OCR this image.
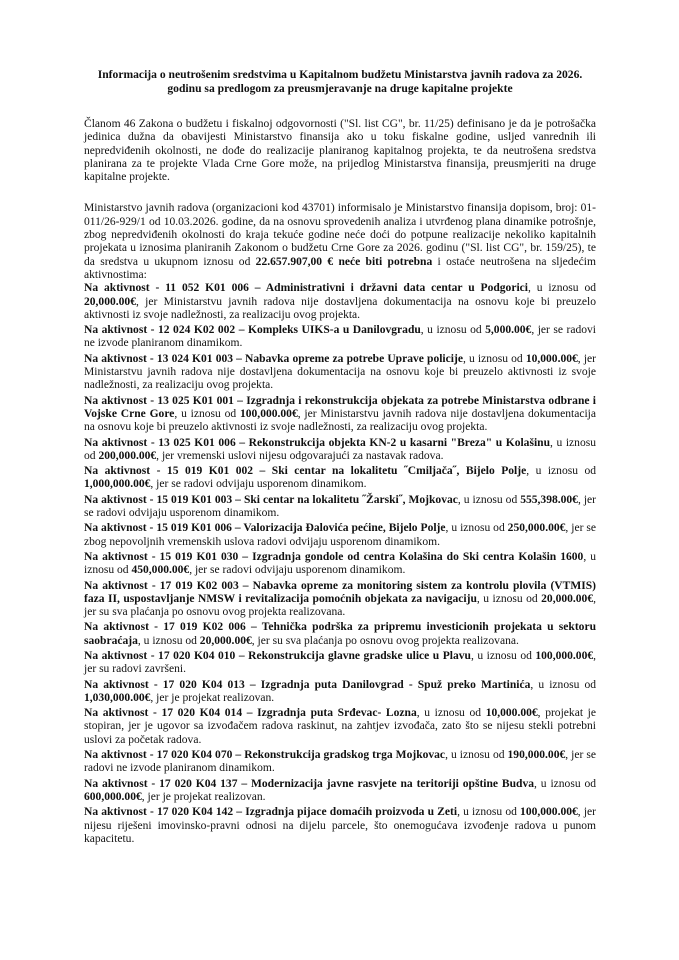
Informacija o neutrošenim sredstvima u Kapitalnom budžetu Ministarstva javnih radova za 2026. godinu sa predlogom za preusmjeravanje na druge kapitalne projekte

Članom 46 Zakona o budžetu i fiskalnoj odgovornosti ("Sl. list CG", br. 11/25) definisano je da je potrošačka jedinica dužna da obavijesti Ministarstvo finansija ako u toku fiskalne godine, usljed vanrednih ili nepredviđenih okolnosti, ne dođe do realizacije planiranog kapitalnog projekta, te da neutrošena sredstva planirana za te projekte Vlada Crne Gore može, na prijedlog Ministarstva finansija, preusmjeriti na druge kapitalne projekte.

Ministarstvo javnih radova (organizacioni kod 43701) informisalo je Ministarstvo finansija dopisom, broj: 01-011/26-929/1 od 10.03.2026. godine, da na osnovu sprovedenih analiza i utvrđenog plana dinamike potrošnje, zbog nepredviđenih okolnosti do kraja tekuće godine neće doći do potpune realizacije nekoliko kapitalnih projekata u iznosima planiranih Zakonom o budžetu Crne Gore za 2026. godinu ("Sl. list CG", br. 159/25), te da sredstva u ukupnom iznosu od 22.657.907,00 € neće biti potrebna i ostaće neutrošena na sljedećim aktivnostima:

Na aktivnost - 11 052 K01 006 – Administrativni i državni data centar u Podgorici, u iznosu od 20,000.00€, jer Ministarstvu javnih radova nije dostavljena dokumentacija na osnovu koje bi preuzelo aktivnosti iz svoje nadležnosti, za realizaciju ovog projekta.

Na aktivnost - 12 024 K02 002 – Kompleks UIKS-a u Danilovgradu, u iznosu od 5,000.00€, jer se radovi ne izvode planiranom dinamikom.

Na aktivnost - 13 024 K01 003 – Nabavka opreme za potrebe Uprave policije, u iznosu od 10,000.00€, jer Ministarstvu javnih radova nije dostavljena dokumentacija na osnovu koje bi preuzelo aktivnosti iz svoje nadležnosti, za realizaciju ovog projekta.

Na aktivnost - 13 025 K01 001 – Izgradnja i rekonstrukcija objekata za potrebe Ministarstva odbrane i Vojske Crne Gore, u iznosu od 100,000.00€, jer Ministarstvu javnih radova nije dostavljena dokumentacija na osnovu koje bi preuzelo aktivnosti iz svoje nadležnosti, za realizaciju ovog projekta.

Na aktivnost - 13 025 K01 006 – Rekonstrukcija objekta KN-2 u kasarni "Breza" u Kolašinu, u iznosu od 200,000.00€, jer vremenski uslovi nijesu odgovarajući za nastavak radova.

Na aktivnost - 15 019 K01 002 – Ski centar na lokalitetu ˝Cmiljača˝, Bijelo Polje, u iznosu od 1,000,000.00€, jer se radovi odvijaju usporenom dinamikom.

Na aktivnost - 15 019 K01 003 – Ski centar na lokalitetu ˝Žarski˝, Mojkovac, u iznosu od 555,398.00€, jer se radovi odvijaju usporenom dinamikom.

Na aktivnost - 15 019 K01 006 – Valorizacija Đalovića pećine, Bijelo Polje, u iznosu od 250,000.00€, jer se zbog nepovoljnih vremenskih uslova radovi odvijaju usporenom dinamikom.

Na aktivnost - 15 019 K01 030 – Izgradnja gondole od centra Kolašina do Ski centra Kolašin 1600, u iznosu od 450,000.00€, jer se radovi odvijaju usporenom dinamikom.

Na aktivnost - 17 019 K02 003 – Nabavka opreme za monitoring sistem za kontrolu plovila (VTMIS) faza II, uspostavljanje NMSW i revitalizacija pomoćnih objekata za navigaciju, u iznosu od 20,000.00€, jer su sva plaćanja po osnovu ovog projekta realizovana.

Na aktivnost - 17 019 K02 006 – Tehnička podrška za pripremu investicionih projekata u sektoru saobraćaja, u iznosu od 20,000.00€, jer su sva plaćanja po osnovu ovog projekta realizovana.

Na aktivnost - 17 020 K04 010 – Rekonstrukcija glavne gradske ulice u Plavu, u iznosu od 100,000.00€, jer su radovi završeni.

Na aktivnost - 17 020 K04 013 – Izgradnja puta Danilovgrad - Spuž preko Martinića, u iznosu od 1,030,000.00€, jer je projekat realizovan.

Na aktivnost - 17 020 K04 014 – Izgradnja puta Srđevac- Lozna, u iznosu od 10,000.00€, projekat je stopiran, jer je ugovor sa izvođačem radova raskinut, na zahtjev izvođača, zato što se nijesu stekli potrebni uslovi za početak radova.

Na aktivnost - 17 020 K04 070 – Rekonstrukcija gradskog trga Mojkovac, u iznosu od 190,000.00€, jer se radovi ne izvode planiranom dinamikom.

Na aktivnost - 17 020 K04 137 – Modernizacija javne rasvjete na teritoriji opštine Budva, u iznosu od 600,000.00€, jer je projekat realizovan.

Na aktivnost - 17 020 K04 142 – Izgradnja pijace domaćih proizvoda u Zeti, u iznosu od 100,000.00€, jer nijesu riješeni imovinsko-pravni odnosi na dijelu parcele, što onemogućava izvođenje radova u punom kapacitetu.
